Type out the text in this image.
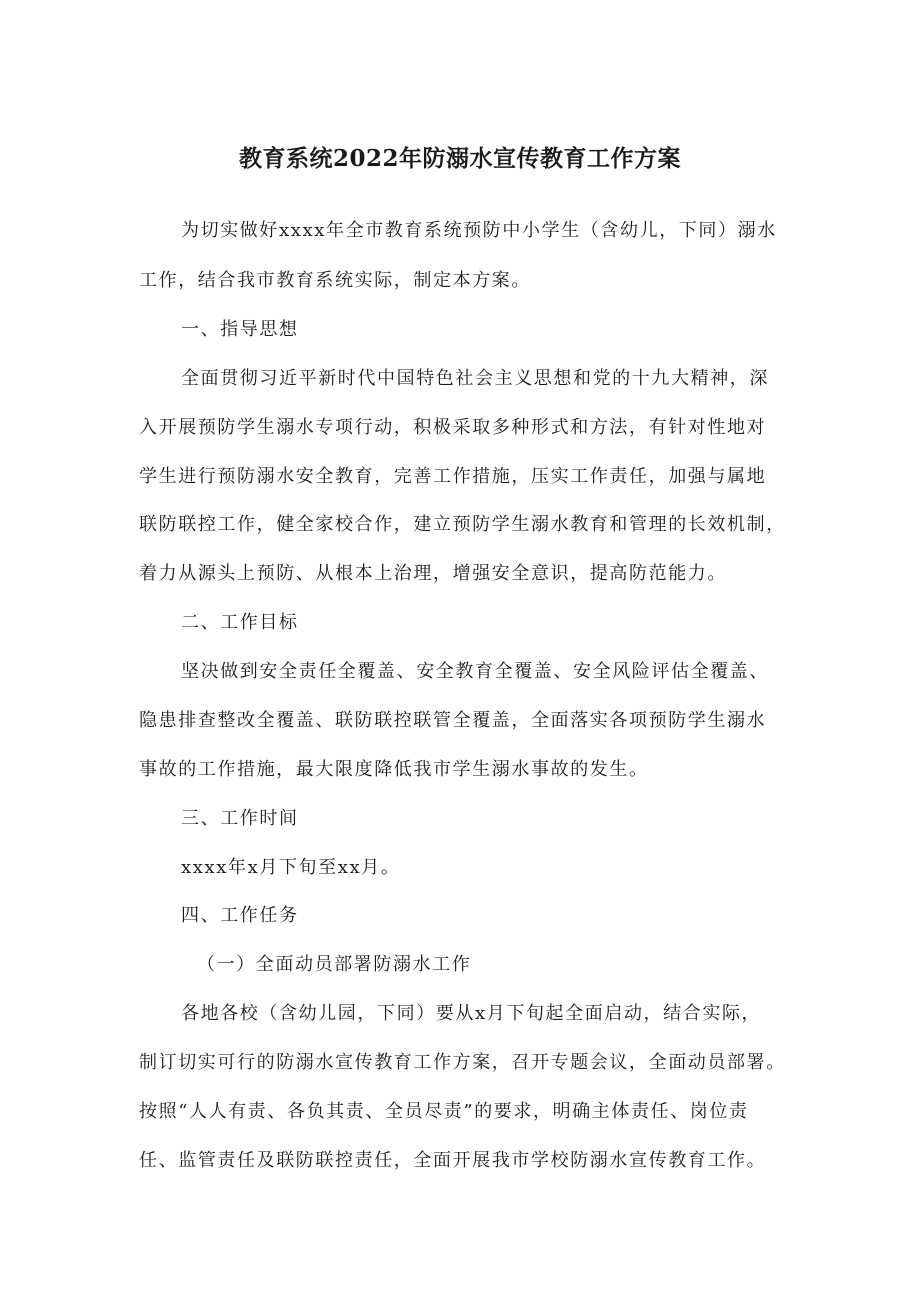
教育系统2022年防溺水宣传教育工作方案
为切实做好xxxx年全市教育系统预防中小学生（含幼儿，下同）溺水
工作，结合我市教育系统实际，制定本方案。
一、指导思想
全面贯彻习近平新时代中国特色社会主义思想和党的十九大精神，深
入开展预防学生溺水专项行动，积极采取多种形式和方法，有针对性地对
学生进行预防溺水安全教育，完善工作措施，压实工作责任，加强与属地
联防联控工作，健全家校合作，建立预防学生溺水教育和管理的长效机制，
着力从源头上预防、从根本上治理，增强安全意识，提高防范能力。
二、工作目标
坚决做到安全责任全覆盖、安全教育全覆盖、安全风险评估全覆盖、
隐患排查整改全覆盖、联防联控联管全覆盖，全面落实各项预防学生溺水
事故的工作措施，最大限度降低我市学生溺水事故的发生。
三、工作时间
xxxx年x月下旬至xx月。
四、工作任务
（一）全面动员部署防溺水工作
各地各校（含幼儿园，下同）要从x月下旬起全面启动，结合实际，
制订切实可行的防溺水宣传教育工作方案，召开专题会议，全面动员部署。
按照“人人有责、各负其责、全员尽责”的要求，明确主体责任、岗位责
任、监管责任及联防联控责任，全面开展我市学校防溺水宣传教育工作。
